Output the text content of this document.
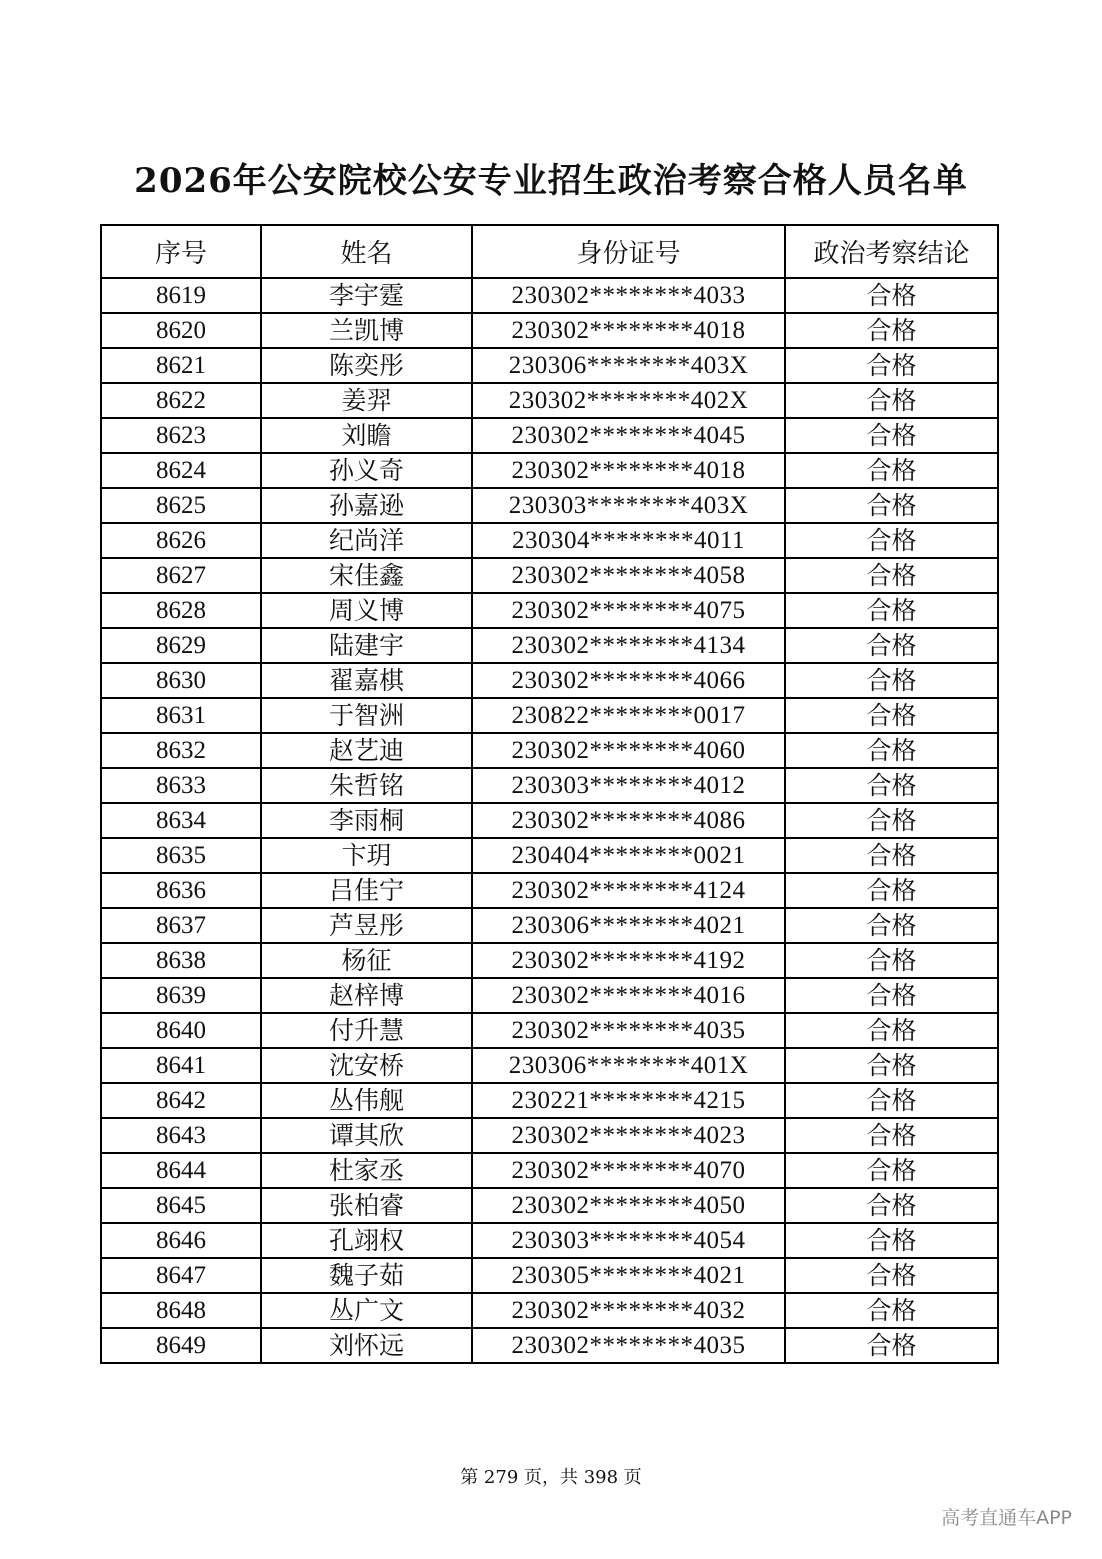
2026年公安院校公安专业招生政治考察合格人员名单
序号	姓名	身份证号	政治考察结论
8619	李宇霆	230302********4033	合格
8620	兰凯博	230302********4018	合格
8621	陈奕彤	230306********403X	合格
8622	姜羿	230302********402X	合格
8623	刘瞻	230302********4045	合格
8624	孙义奇	230302********4018	合格
8625	孙嘉逊	230303********403X	合格
8626	纪尚洋	230304********4011	合格
8627	宋佳鑫	230302********4058	合格
8628	周义博	230302********4075	合格
8629	陆建宇	230302********4134	合格
8630	翟嘉棋	230302********4066	合格
8631	于智洲	230822********0017	合格
8632	赵艺迪	230302********4060	合格
8633	朱哲铭	230303********4012	合格
8634	李雨桐	230302********4086	合格
8635	卞玥	230404********0021	合格
8636	吕佳宁	230302********4124	合格
8637	芦昱彤	230306********4021	合格
8638	杨征	230302********4192	合格
8639	赵梓博	230302********4016	合格
8640	付升慧	230302********4035	合格
8641	沈安桥	230306********401X	合格
8642	丛伟舰	230221********4215	合格
8643	谭其欣	230302********4023	合格
8644	杜家丞	230302********4070	合格
8645	张柏睿	230302********4050	合格
8646	孔翊权	230303********4054	合格
8647	魏子茹	230305********4021	合格
8648	丛广文	230302********4032	合格
8649	刘怀远	230302********4035	合格
第 279 页，共 398 页
高考直通车APP
